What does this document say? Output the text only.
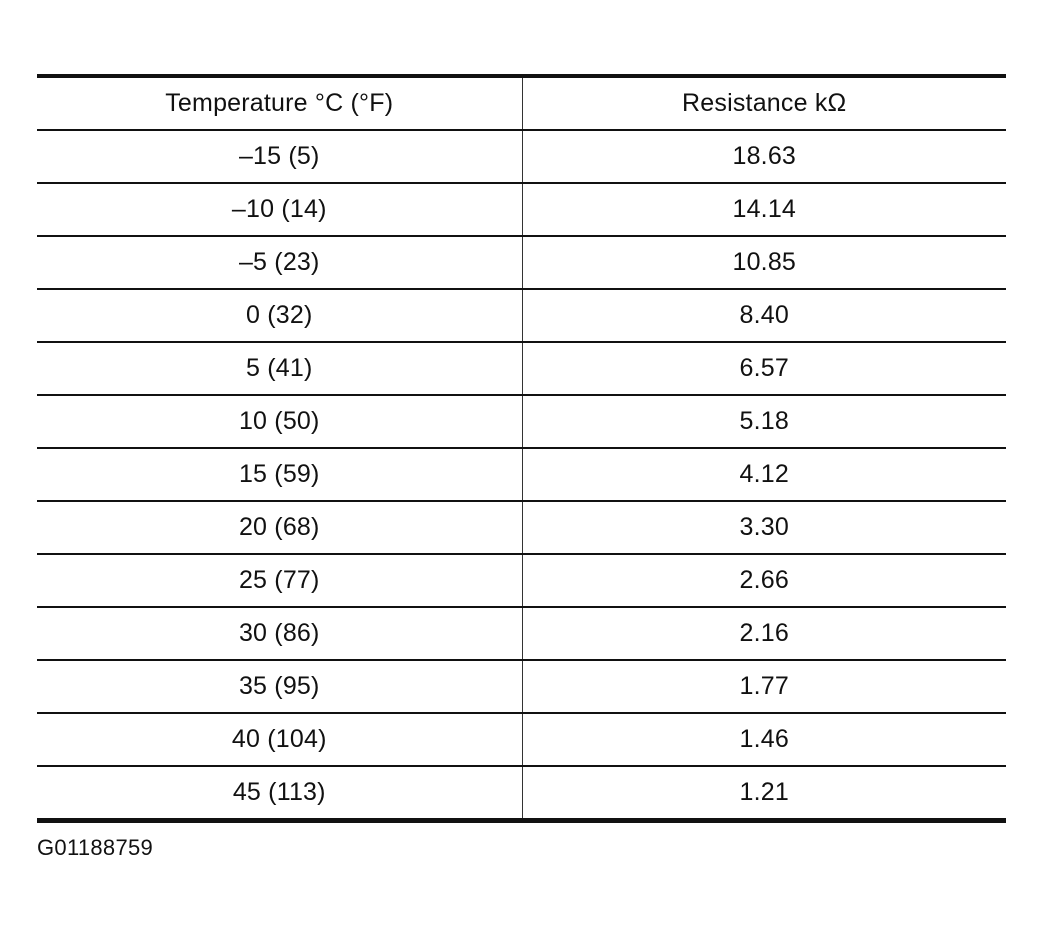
Temperature °C (°F)	Resistance kΩ
–15 (5)	18.63
–10 (14)	14.14
–5 (23)	10.85
0 (32)	8.40
5 (41)	6.57
10 (50)	5.18
15 (59)	4.12
20 (68)	3.30
25 (77)	2.66
30 (86)	2.16
35 (95)	1.77
40 (104)	1.46
45 (113)	1.21
G01188759
